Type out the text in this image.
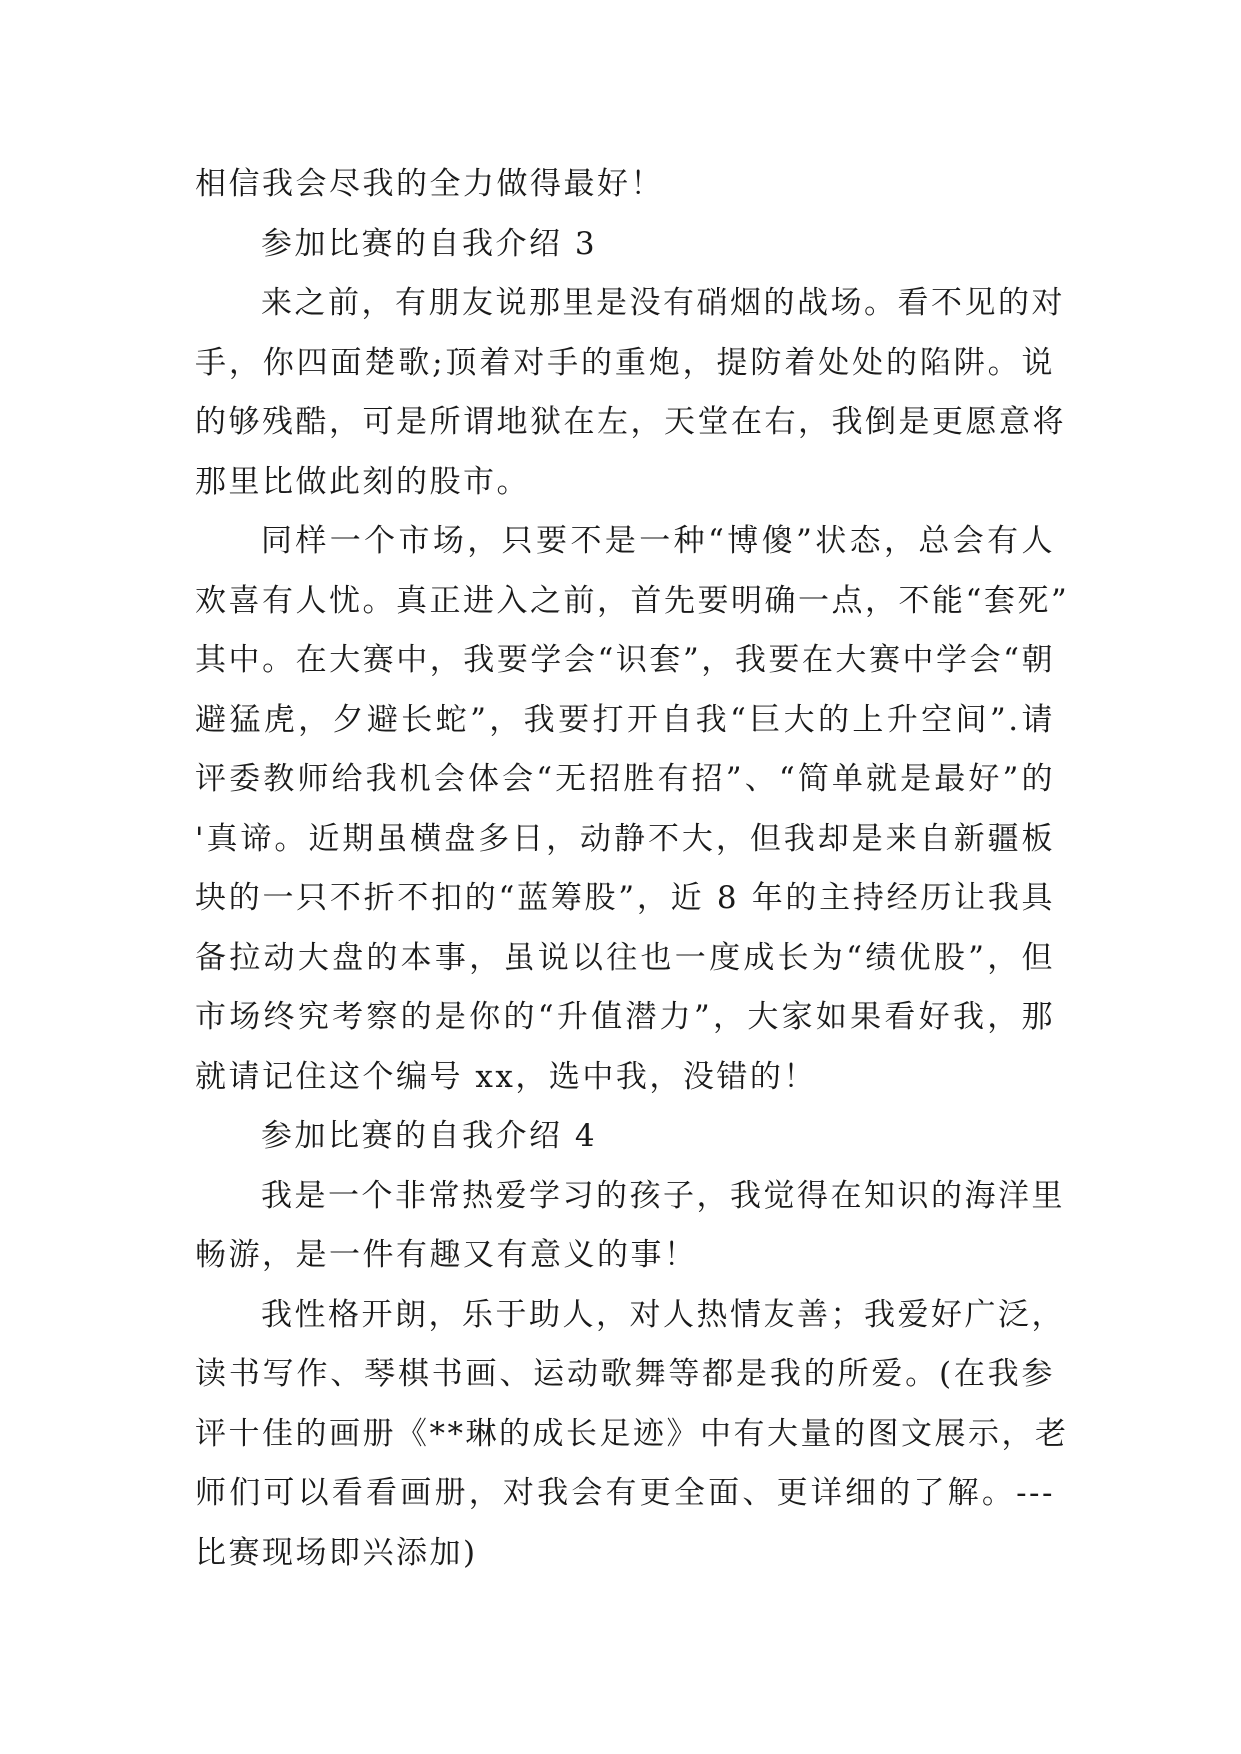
相信我会尽我的全力做得最好！
参加比赛的自我介绍 3
来之前，有朋友说那里是没有硝烟的战场。看不见的对
手，你四面楚歌;顶着对手的重炮，提防着处处的陷阱。说
的够残酷，可是所谓地狱在左，天堂在右，我倒是更愿意将
那里比做此刻的股市。
同样一个市场，只要不是一种“博傻”状态，总会有人
欢喜有人忧。真正进入之前，首先要明确一点，不能“套死”
其中。在大赛中，我要学会“识套”，我要在大赛中学会“朝
避猛虎，夕避长蛇”，我要打开自我“巨大的上升空间”.请
评委教师给我机会体会“无招胜有招”、“简单就是最好”的
'真谛。近期虽横盘多日，动静不大，但我却是来自新疆板
块的一只不折不扣的“蓝筹股”，近 8 年的主持经历让我具
备拉动大盘的本事，虽说以往也一度成长为“绩优股”，但
市场终究考察的是你的“升值潜力”，大家如果看好我，那
就请记住这个编号 xx，选中我，没错的！
参加比赛的自我介绍 4
我是一个非常热爱学习的孩子，我觉得在知识的海洋里
畅游，是一件有趣又有意义的事！
我性格开朗，乐于助人，对人热情友善；我爱好广泛，
读书写作、琴棋书画、运动歌舞等都是我的所爱。(在我参
评十佳的画册《**琳的成长足迹》中有大量的图文展示，老
师们可以看看画册，对我会有更全面、更详细的了解。---
比赛现场即兴添加)
